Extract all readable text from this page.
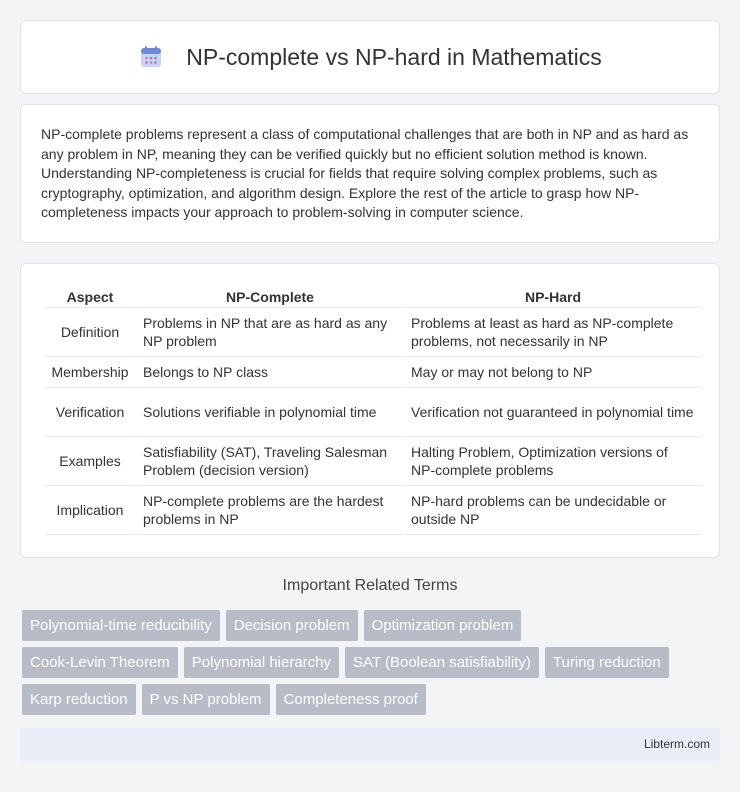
NP-complete vs NP-hard in Mathematics

NP-complete problems represent a class of computational challenges that are both in NP and as hard as any problem in NP, meaning they can be verified quickly but no efficient solution method is known. Understanding NP-completeness is crucial for fields that require solving complex problems, such as cryptography, optimization, and algorithm design. Explore the rest of the article to grasp how NP-completeness impacts your approach to problem-solving in computer science.

Aspect	NP-Complete	NP-Hard
Definition	Problems in NP that are as hard as any NP problem	Problems at least as hard as NP-complete problems, not necessarily in NP
Membership	Belongs to NP class	May or may not belong to NP
Verification	Solutions verifiable in polynomial time	Verification not guaranteed in polynomial time
Examples	Satisfiability (SAT), Traveling Salesman Problem (decision version)	Halting Problem, Optimization versions of NP-complete problems
Implication	NP-complete problems are the hardest problems in NP	NP-hard problems can be undecidable or outside NP
Important Related Terms
Polynomial-time reducibility	Decision problem	Optimization problem
Cook-Levin Theorem	Polynomial hierarchy	SAT (Boolean satisfiability)	Turing reduction
Karp reduction	P vs NP problem	Completeness proof
Libterm.com
